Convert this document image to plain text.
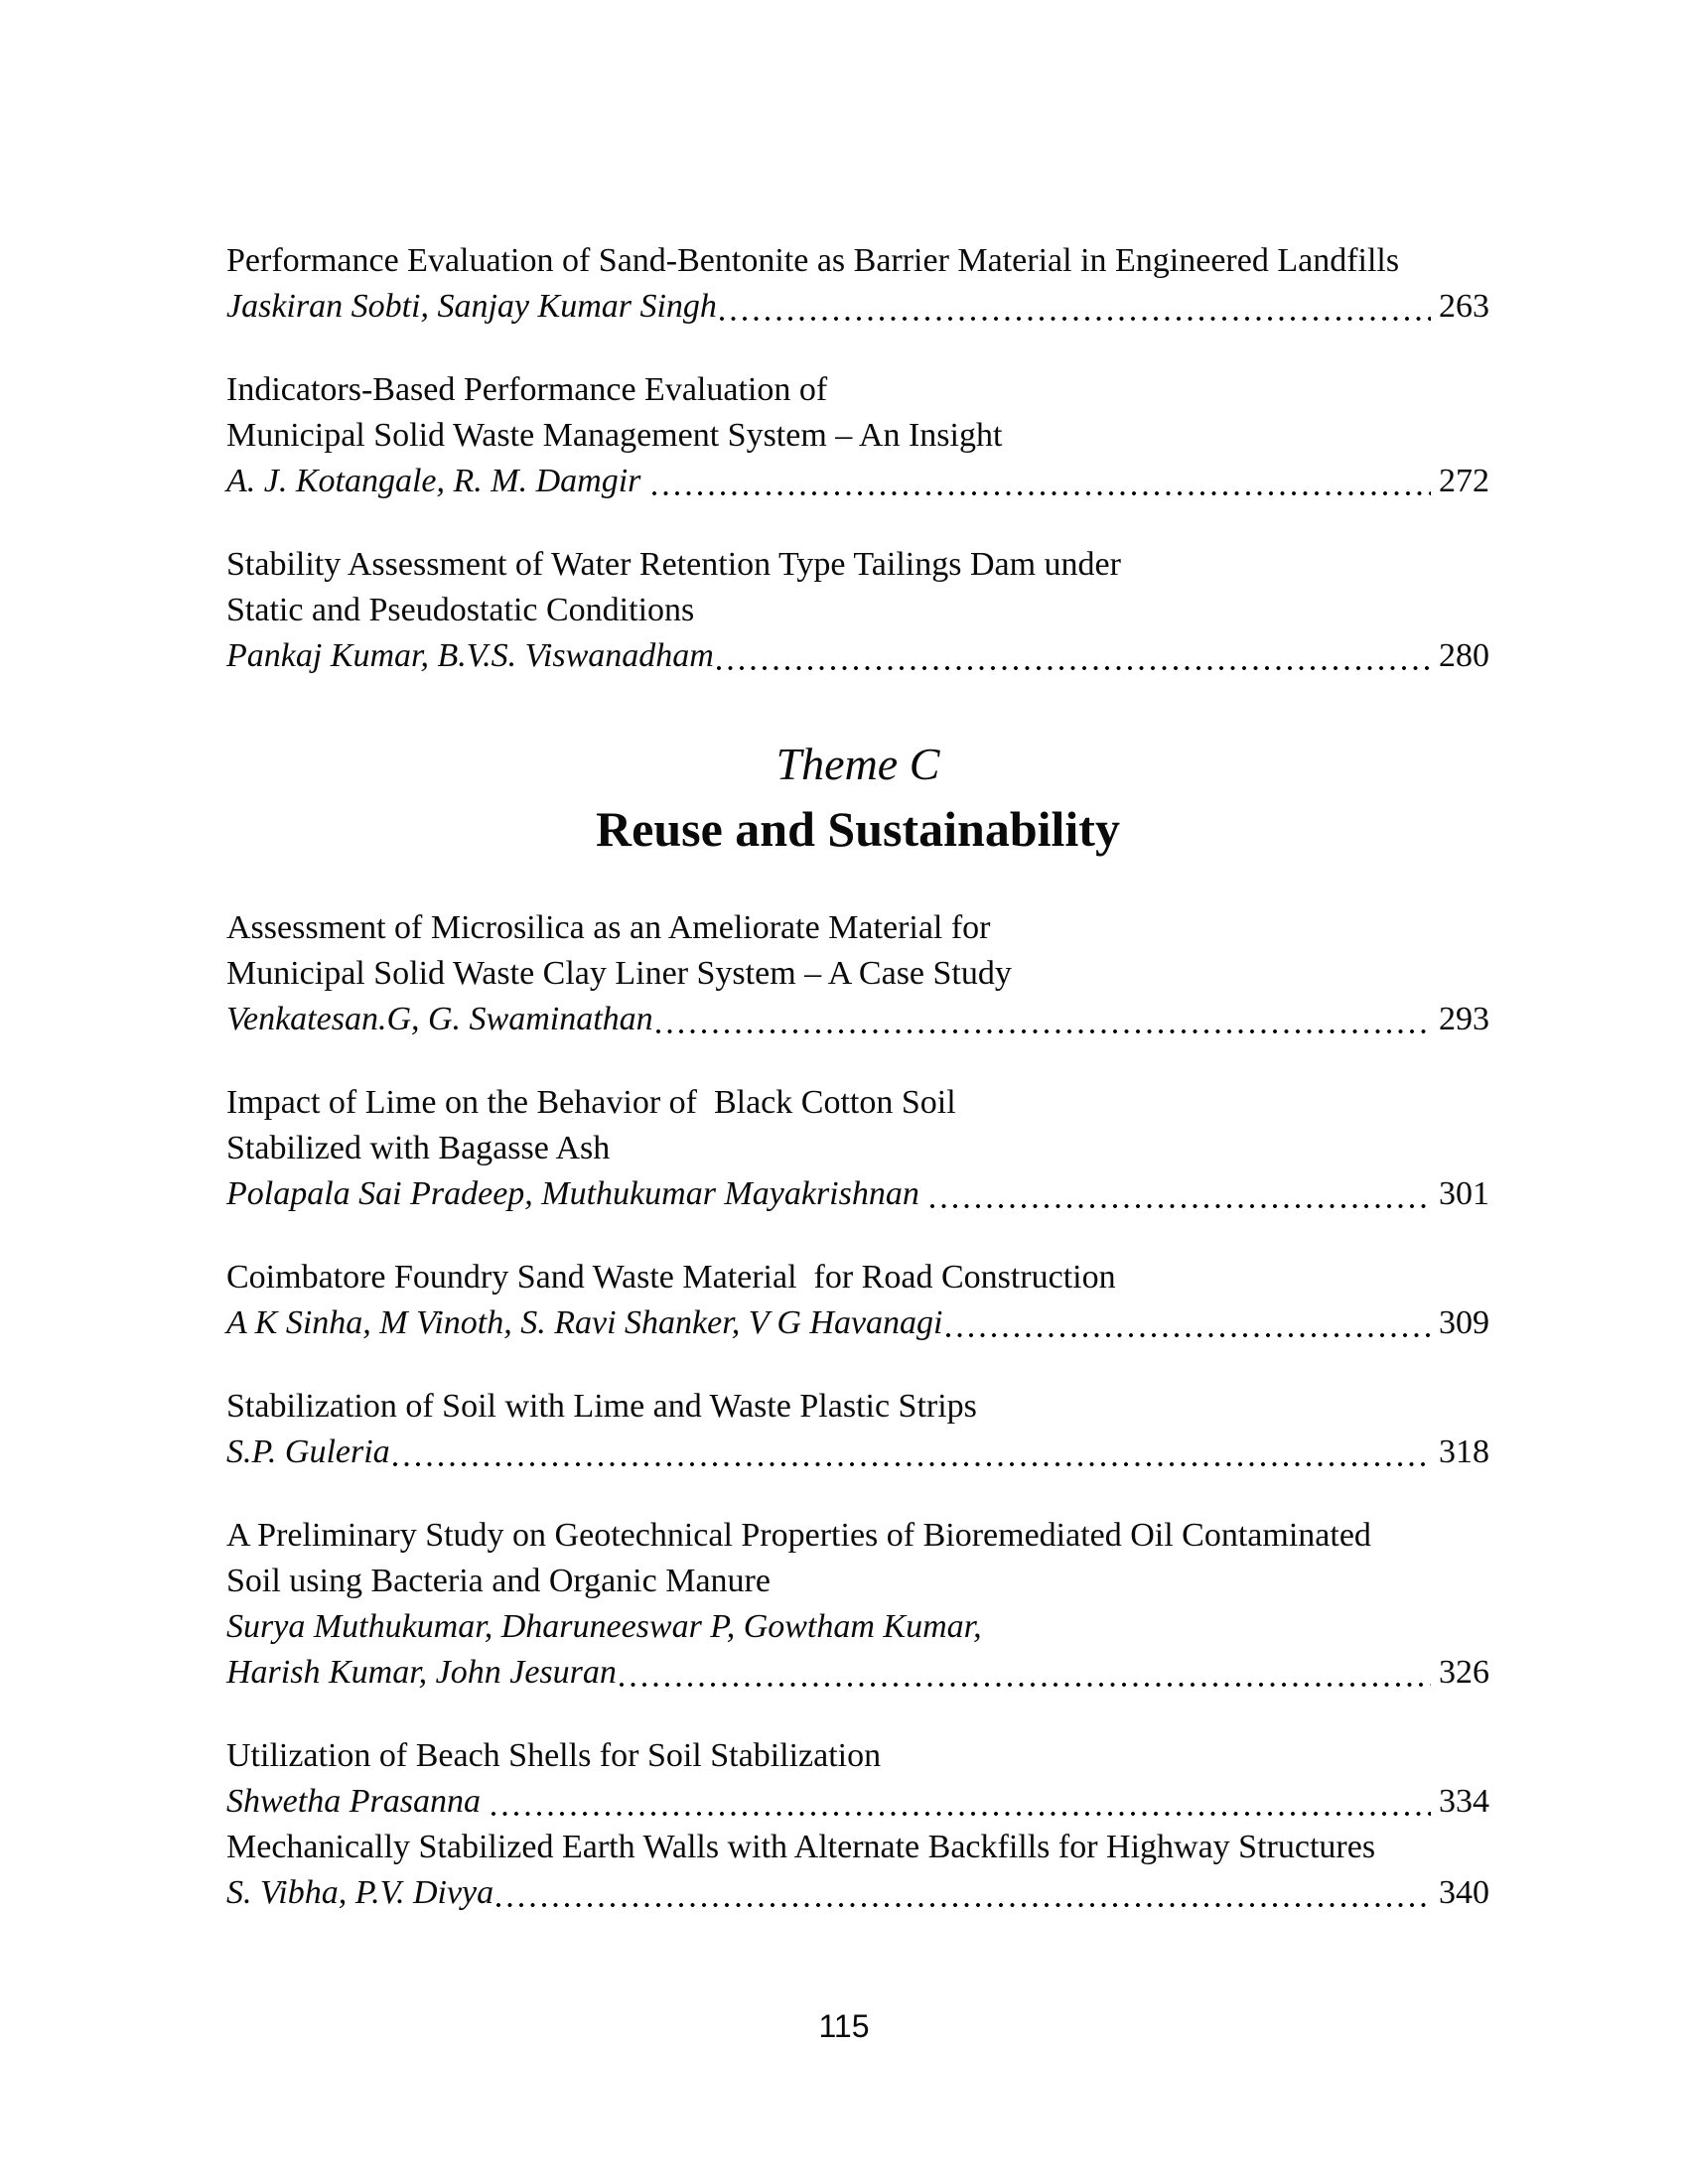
Performance Evaluation of Sand-Bentonite as Barrier Material in Engineered Landfills
Jaskiran Sobti, Sanjay Kumar Singh	263
Indicators-Based Performance Evaluation of
Municipal Solid Waste Management System – An Insight
A. J. Kotangale, R. M. Damgir	272
Stability Assessment of Water Retention Type Tailings Dam under
Static and Pseudostatic Conditions
Pankaj Kumar, B.V.S. Viswanadham	280
Theme C
Reuse and Sustainability
Assessment of Microsilica as an Ameliorate Material for
Municipal Solid Waste Clay Liner System – A Case Study
Venkatesan.G, G. Swaminathan	293
Impact of Lime on the Behavior of  Black Cotton Soil
Stabilized with Bagasse Ash
Polapala Sai Pradeep, Muthukumar Mayakrishnan	301
Coimbatore Foundry Sand Waste Material  for Road Construction
A K Sinha, M Vinoth, S. Ravi Shanker, V G Havanagi	309
Stabilization of Soil with Lime and Waste Plastic Strips
S.P. Guleria	318
A Preliminary Study on Geotechnical Properties of Bioremediated Oil Contaminated
Soil using Bacteria and Organic Manure
Surya Muthukumar, Dharuneeswar P, Gowtham Kumar,
Harish Kumar, John Jesuran	326
Utilization of Beach Shells for Soil Stabilization
Shwetha Prasanna	334
Mechanically Stabilized Earth Walls with Alternate Backfills for Highway Structures
S. Vibha, P.V. Divya	340
115
